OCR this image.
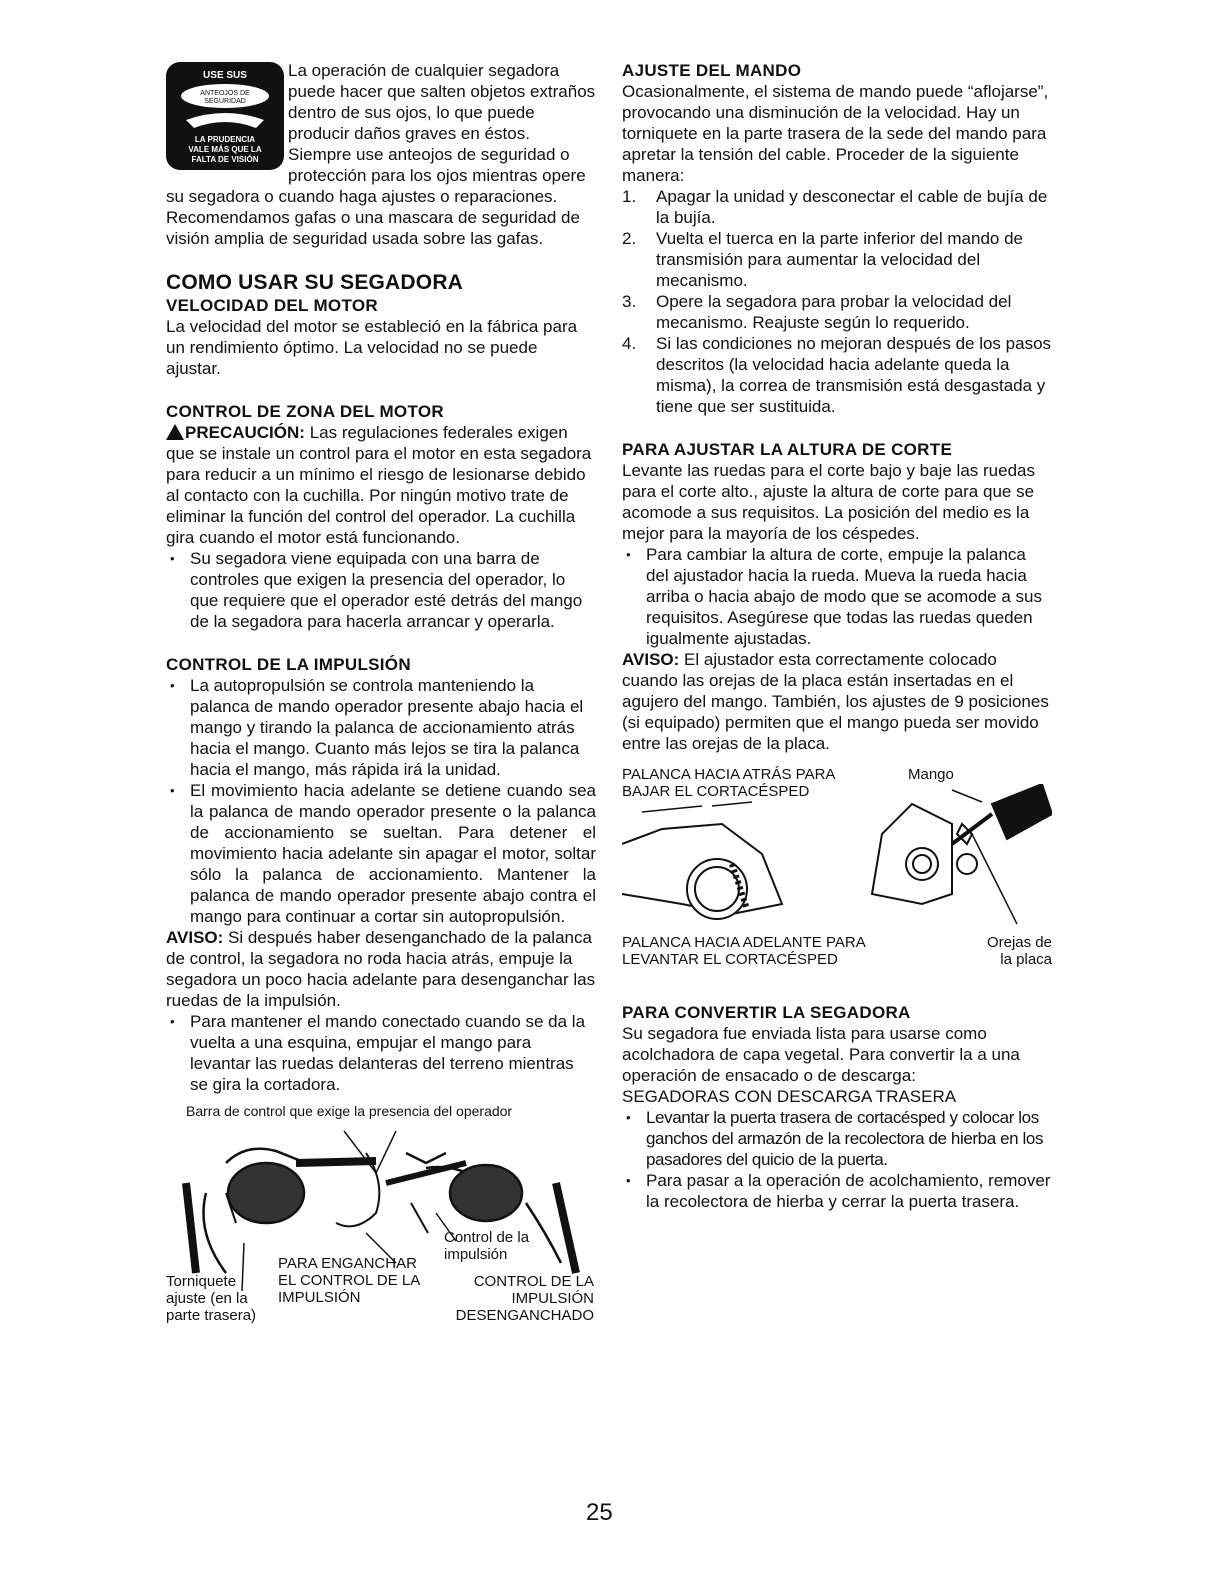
USE SUS
ANTEOJOS DE
SEGURIDAD
LA PRUDENCIA
VALE MÁS QUE LA
FALTA DE VISIÓN

La operación de cualquier segadora puede hacer que salten objetos extraños dentro de sus ojos, lo que puede producir daños graves en éstos. Siempre use anteojos de seguridad o protección para los ojos mientras opere su segadora o cuando haga ajustes o reparaciones. Recomendamos gafas o una mascara de seguridad de visión amplia de seguridad usada sobre las gafas.

COMO USAR SU SEGADORA
VELOCIDAD DEL MOTOR

La velocidad del motor se estableció en la fábrica para un rendimiento óptimo. La velocidad no se puede ajustar.

CONTROL DE ZONA DEL MOTOR

PRECAUCIÓN: Las regulaciones federales exigen que se instale un control para el motor en esta segadora para reducir a un mínimo el riesgo de lesionarse debido al contacto con la cuchilla. Por ningún motivo trate de eliminar la función del control del operador. La cuchilla gira cuando el motor está funcionando.

• Su segadora viene equipada con una barra de controles que exigen la presencia del operador, lo que requiere que el operador esté detrás del mango de la segadora para hacerla arrancar y operarla.
CONTROL DE LA IMPULSIÓN
• La autopropulsión se controla manteniendo la palanca de mando operador presente abajo hacia el mango y tirando la palanca de accionamiento atrás hacia el mango. Cuanto más lejos se tira la palanca hacia el mango, más rápida irá la unidad.
• El movimiento hacia adelante se detiene cuando sea la palanca de mando operador presente o la palanca de accionamiento se sueltan. Para detener el movimiento hacia adelante sin apagar el motor, soltar sólo la palanca de accionamiento. Mantener la palanca de mando operador presente abajo contra el mango para continuar a cortar sin autopropulsión.

AVISO: Si después haber desenganchado de la palanca de control, la segadora no roda hacia atrás, empuje la segadora un poco hacia adelante para desenganchar las ruedas de la impulsión.

• Para mantener el mando conectado cuando se da la vuelta a una esquina, empujar el mango para levantar las ruedas delanteras del terreno mientras se gira la cortadora.
Barra de control que exige la presencia del operador
Control de la impulsión
Torniquete ajuste (en la parte trasera)
PARA ENGANCHAR EL CONTROL DE LA IMPULSIÓN
CONTROL DE LA IMPULSIÓN DESENGANCHADO
25
AJUSTE DEL MANDO

Ocasionalmente, el sistema de mando puede “aflojarse”, provocando una disminución de la velocidad. Hay un torniquete en la parte trasera de la sede del mando para apretar la tensión del cable. Proceder de la siguiente manera:

1. Apagar la unidad y desconectar el cable de bujía de la bujía.
2. Vuelta el tuerca en la parte inferior del mando de transmisión para aumentar la velocidad del mecanismo.
3. Opere la segadora para probar la velocidad del mecanismo. Reajuste según lo requerido.
4. Si las condiciones no mejoran después de los pasos descritos (la velocidad hacia adelante queda la misma), la correa de transmisión está desgastada y tiene que ser sustituida.
PARA AJUSTAR LA ALTURA DE CORTE

Levante las ruedas para el corte bajo y baje las ruedas para el corte alto., ajuste la altura de corte para que se acomode a sus requisitos. La posición del medio es la mejor para la mayoría de los céspedes.

• Para cambiar la altura de corte, empuje la palanca del ajustador hacia la rueda. Mueva la rueda hacia arriba o hacia abajo de modo que se acomode a sus requisitos. Asegúrese que todas las ruedas queden igualmente ajustadas.

AVISO: El ajustador esta correctamente colocado cuando las orejas de la placa están insertadas en el agujero del mango. También, los ajustes de 9 posiciones (si equipado) permiten que el mango pueda ser movido entre las orejas de la placa.

PALANCA HACIA ATRÁS PARA BAJAR EL CORTACÉSPED
Mango
PALANCA HACIA ADELANTE PARA LEVANTAR EL CORTACÉSPED
Orejas de la placa
PARA CONVERTIR LA SEGADORA

Su segadora fue enviada lista para usarse como acolchadora de capa vegetal. Para convertir la a una operación de ensacado o de descarga:

SEGADORAS CON DESCARGA TRASERA

• Levantar la puerta trasera de cortacésped y colocar los ganchos del armazón de la recolectora de hierba en los pasadores del quicio de la puerta.
• Para pasar a la operación de acolchamiento, remover la recolectora de hierba y cerrar la puerta trasera.
